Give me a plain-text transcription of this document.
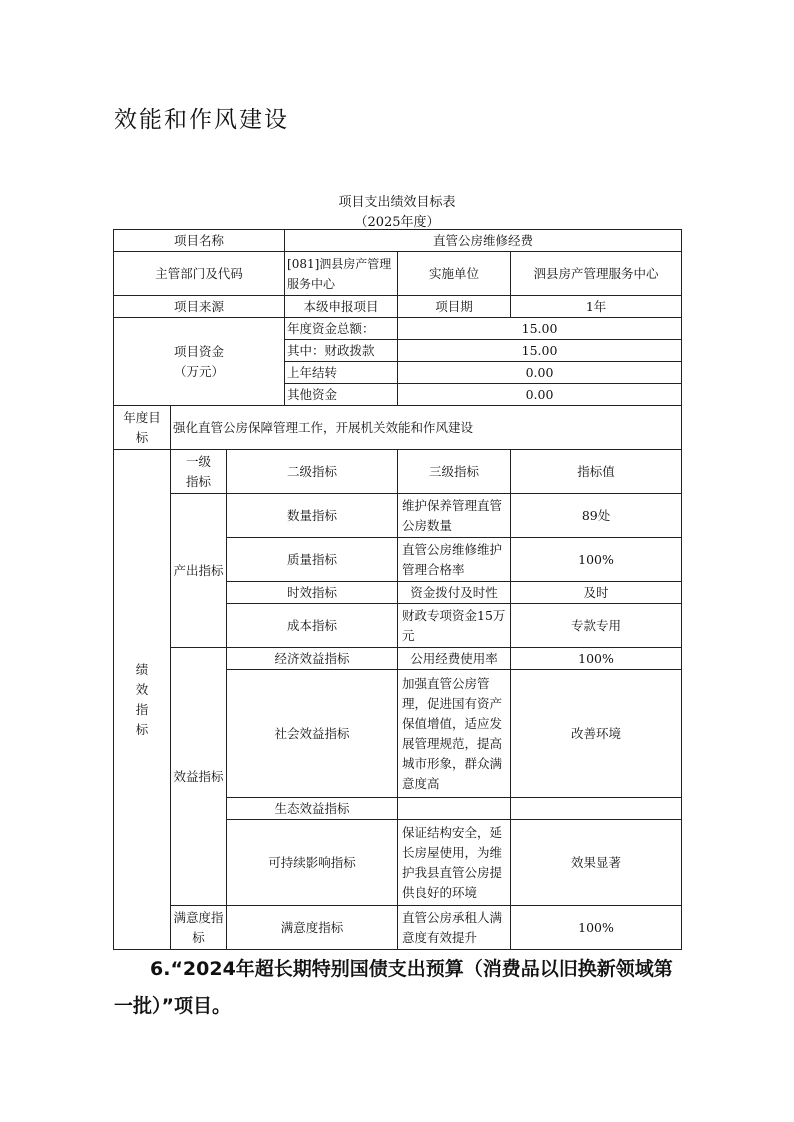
效能和作风建设
项目支出绩效目标表
（2025年度）
项目名称			直管公房维修经费		
主管部门及代码			[081]泗县房产管理服务中心	实施单位	泗县房产管理服务中心
项目来源			本级申报项目	项目期	1年

项目资金
（万元）			年度资金总额：	15.00	
			其中：财政拨款	15.00	
			上年结转	0.00	
			其他资金	0.00	
年度目标	强化直管公房保障管理工作，开展机关效能和作风建设				
绩效指标	一级指标	二级指标		三级指标	指标值
	产出指标	数量指标		维护保养管理直管公房数量	89处
		质量指标		直管公房维修维护管理合格率	100%
		时效指标		资金拨付及时性	及时
		成本指标		财政专项资金15万元	专款专用
	效益指标	经济效益指标		公用经费使用率	100%
		社会效益指标		加强直管公房管理，促进国有资产保值增值，适应发展管理规范，提高城市形象，群众满意度高	改善环境
		生态效益指标			
		可持续影响指标		保证结构安全，延长房屋使用，为维护我县直管公房提供良好的环境	效果显著
	满意度指标	满意度指标		直管公房承租人满意度有效提升	100%
6.“2024年超长期特别国债支出预算（消费品以旧换新领域第一批）”项目。
